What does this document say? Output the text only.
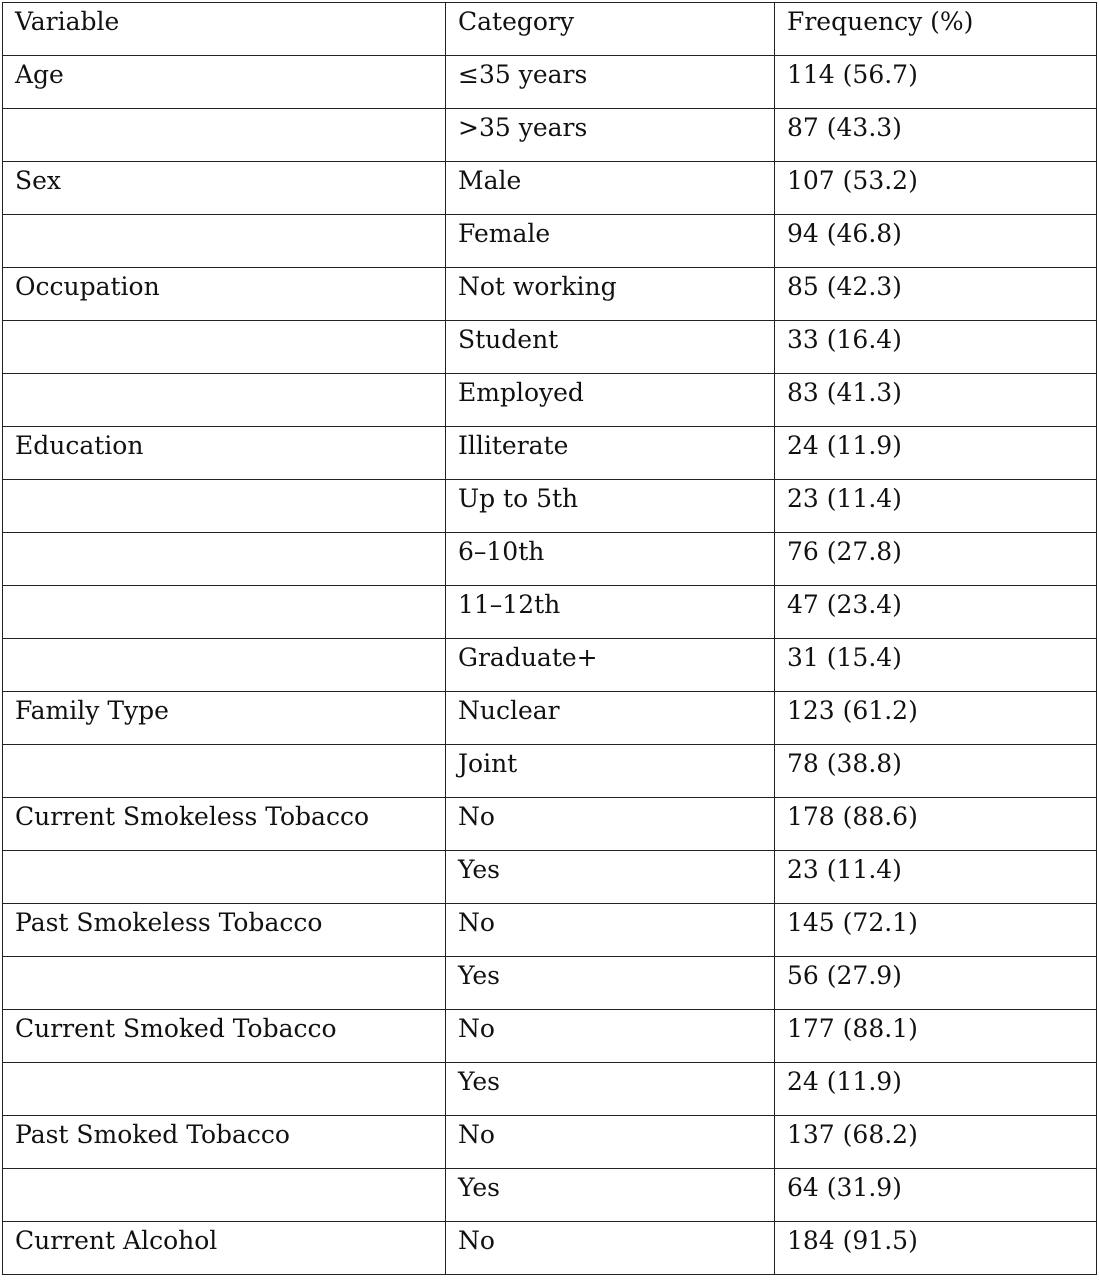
Variable	Category	Frequency (%)
Age	≤35 years	114 (56.7)
	>35 years	87 (43.3)
Sex	Male	107 (53.2)
	Female	94 (46.8)
Occupation	Not working	85 (42.3)
	Student	33 (16.4)
	Employed	83 (41.3)
Education	Illiterate	24 (11.9)
	Up to 5th	23 (11.4)
	6–10th	76 (27.8)
	11–12th	47 (23.4)
	Graduate+	31 (15.4)
Family Type	Nuclear	123 (61.2)
	Joint	78 (38.8)
Current Smokeless Tobacco	No	178 (88.6)
	Yes	23 (11.4)
Past Smokeless Tobacco	No	145 (72.1)
	Yes	56 (27.9)
Current Smoked Tobacco	No	177 (88.1)
	Yes	24 (11.9)
Past Smoked Tobacco	No	137 (68.2)
	Yes	64 (31.9)
Current Alcohol	No	184 (91.5)
